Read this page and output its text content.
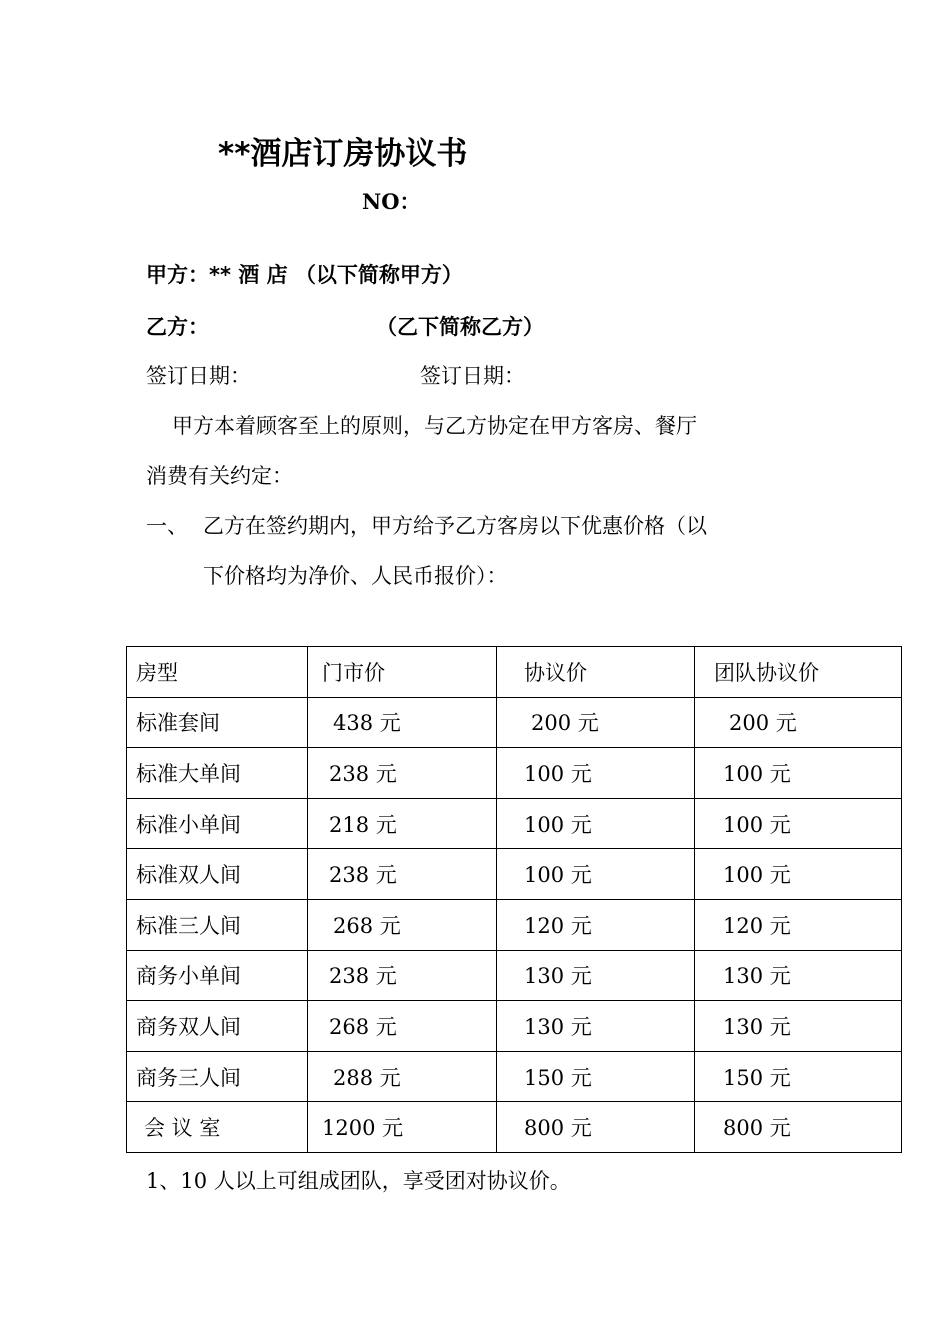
**酒店订房协议书
NO：
甲方：** 酒 店 （以下简称甲方）
乙方：	（乙下简称乙方）
签订日期：	签订日期：
甲方本着顾客至上的原则，与乙方协定在甲方客房、餐厅
消费有关约定：
一、 乙方在签约期内，甲方给予乙方客房以下优惠价格（以
下价格均为净价、人民币报价）：
房型	门市价	协议价	团队协议价
标准套间	438 元	200 元	200 元
标准大单间	238 元	100 元	100 元
标准小单间	218 元	100 元	100 元
标准双人间	238 元	100 元	100 元
标准三人间	268 元	120 元	120 元
商务小单间	238 元	130 元	130 元
商务双人间	268 元	130 元	130 元
商务三人间	288 元	150 元	150 元
会 议 室	1200 元	800 元	800 元
1、10 人以上可组成团队，享受团对协议价。
